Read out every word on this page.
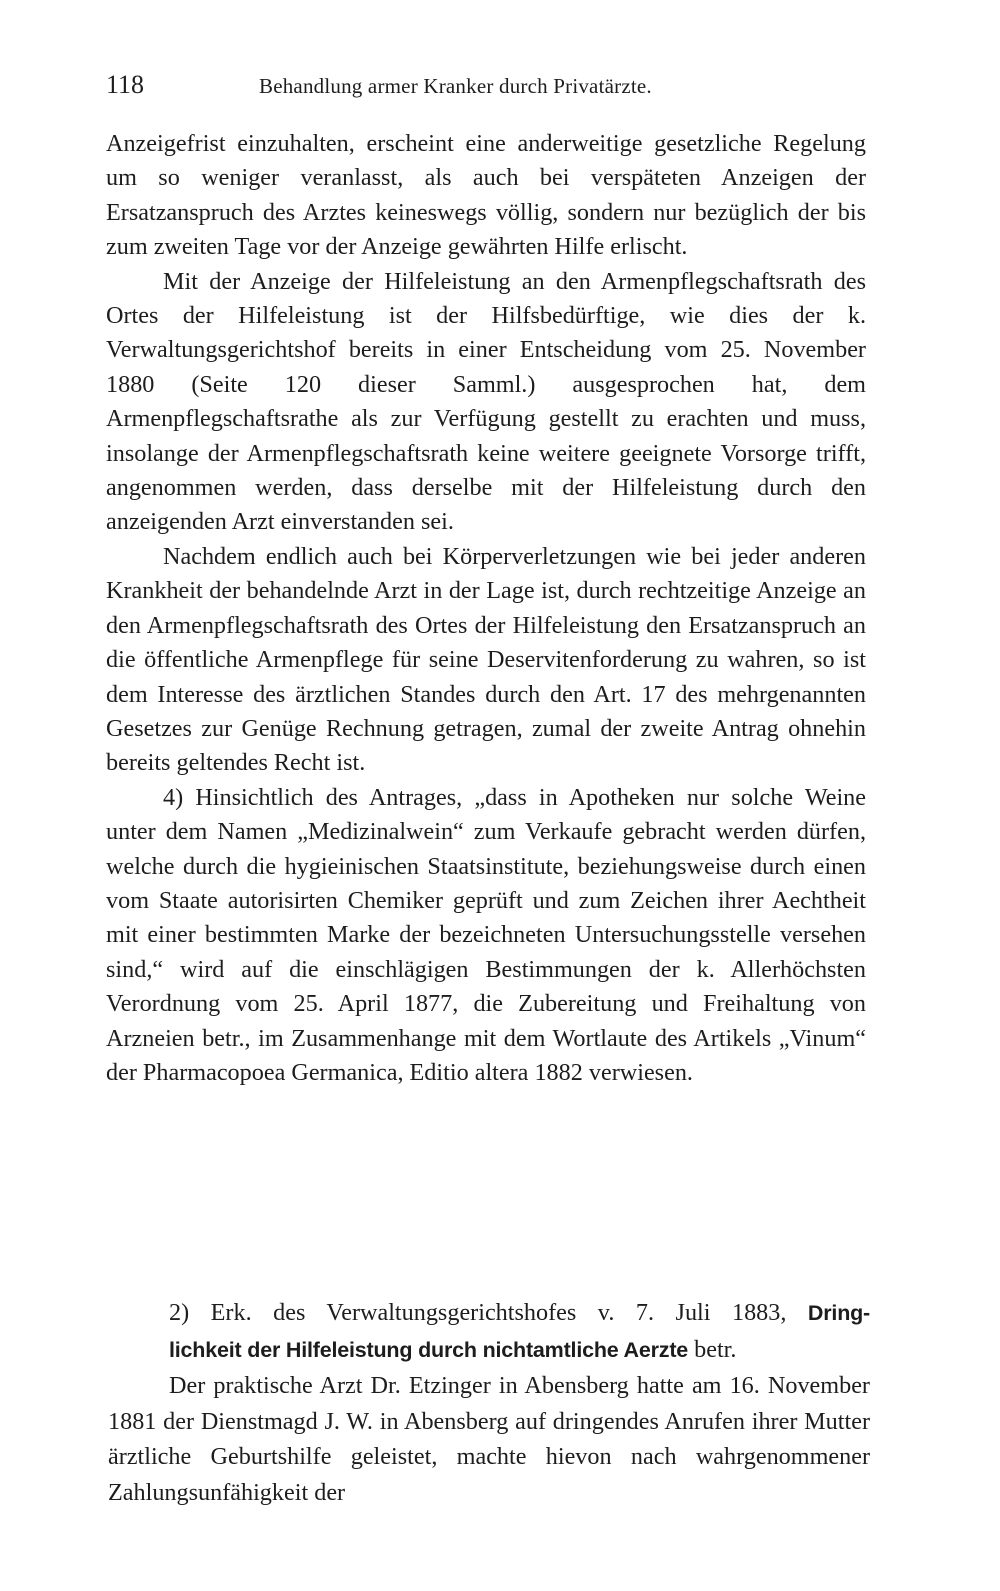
118	Behandlung armer Kranker durch Privatärzte.

Anzeigefrist einzuhalten, erscheint eine anderweitige gesetzliche Regelung um so weniger veranlasst, als auch bei verspäteten Anzeigen der Ersatzanspruch des Arztes keineswegs völlig, sondern nur bezüglich der bis zum zweiten Tage vor der Anzeige gewährten Hilfe erlischt.

Mit der Anzeige der Hilfeleistung an den Armenpflegschaftsrath des Ortes der Hilfeleistung ist der Hilfsbedürftige, wie dies der k. Verwaltungsgerichtshof bereits in einer Entscheidung vom 25. November 1880 (Seite 120 dieser Samml.) ausgesprochen hat, dem Armenpflegschaftsrathe als zur Verfügung gestellt zu erachten und muss, insolange der Armenpflegschaftsrath keine weitere geeignete Vorsorge trifft, angenommen werden, dass derselbe mit der Hilfeleistung durch den anzeigenden Arzt einverstanden sei.

Nachdem endlich auch bei Körperverletzungen wie bei jeder anderen Krankheit der behandelnde Arzt in der Lage ist, durch rechtzeitige Anzeige an den Armenpflegschaftsrath des Ortes der Hilfeleistung den Ersatzanspruch an die öffentliche Armenpflege für seine Deservitenforderung zu wahren, so ist dem Interesse des ärztlichen Standes durch den Art. 17 des mehrgenannten Gesetzes zur Genüge Rechnung getragen, zumal der zweite Antrag ohnehin bereits geltendes Recht ist.

4) Hinsichtlich des Antrages, „dass in Apotheken nur solche Weine unter dem Namen „Medizinalwein“ zum Verkaufe gebracht werden dürfen, welche durch die hygieinischen Staatsinstitute, beziehungsweise durch einen vom Staate autorisirten Chemiker geprüft und zum Zeichen ihrer Aechtheit mit einer bestimmten Marke der bezeichneten Untersuchungsstelle versehen sind,“ wird auf die einschlägigen Bestimmungen der k. Allerhöchsten Verordnung vom 25. April 1877, die Zubereitung und Freihaltung von Arzneien betr., im Zusammenhange mit dem Wortlaute des Artikels „Vinum“ der Pharmacopoea Germanica, Editio altera 1882 verwiesen.

2) Erk. des Verwaltungsgerichtshofes v. 7. Juli 1883, Dring-

lichkeit der Hilfeleistung durch nichtamtliche Aerzte betr.

Der praktische Arzt Dr. Etzinger in Abensberg hatte am 16. November 1881 der Dienstmagd J. W. in Abensberg auf dringendes Anrufen ihrer Mutter ärztliche Geburtshilfe geleistet, machte hievon nach wahrgenommener Zahlungsunfähigkeit der
